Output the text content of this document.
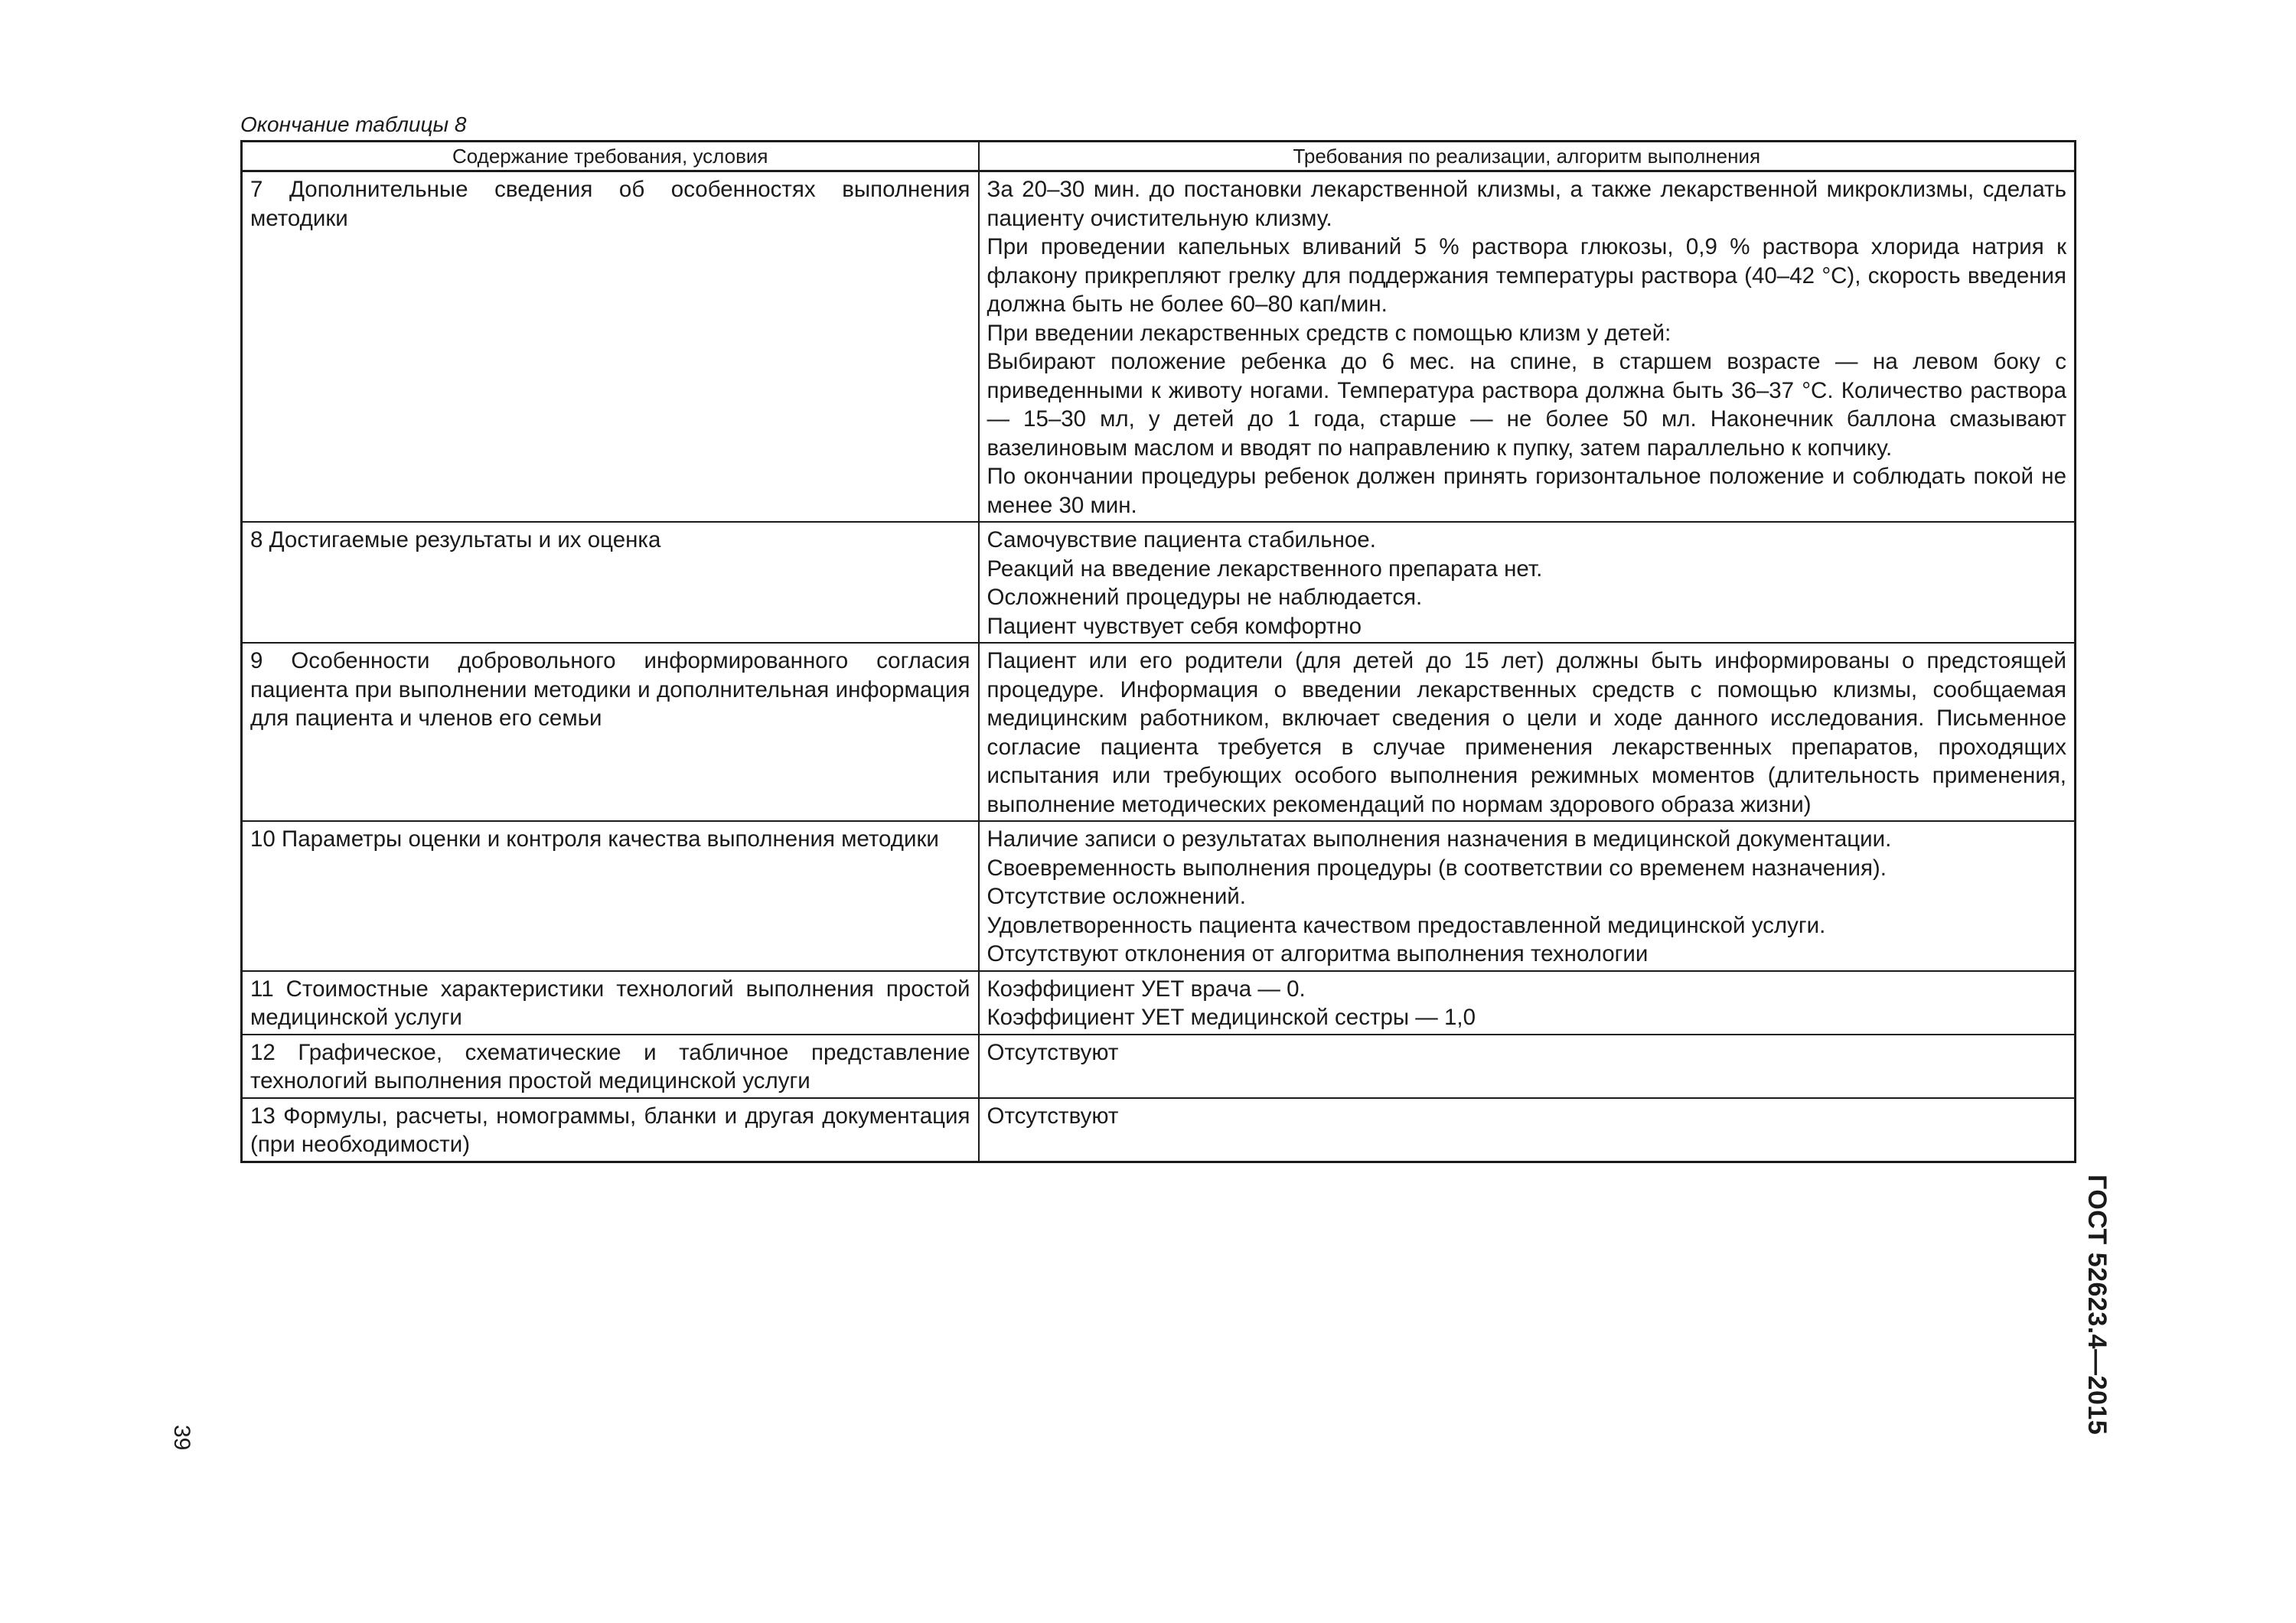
Окончание таблицы 8
Содержание требования, условия	Требования по реализации, алгоритм выполнения
7 Дополнительные сведения об особенностях выполнения методики	За 20–30 мин. до постановки лекарственной клизмы, а также лекарственной микроклизмы, сделать пациенту очистительную клизму.

При проведении капельных вливаний 5 % раствора глюкозы, 0,9 % раствора хлорида натрия к флакону прикрепляют грелку для поддержания температуры раствора (40–42 °С), скорость введения должна быть не более 60–80 кап/мин.

При введении лекарственных средств с помощью клизм у детей:

Выбирают положение ребенка до 6 мес. на спине, в старшем возрасте — на левом боку с приведенными к животу ногами. Температура раствора должна быть 36–37 °С. Количество раствора — 15–30 мл, у детей до 1 года, старше — не более 50 мл. Наконечник баллона смазывают вазелиновым маслом и вводят по направлению к пупку, затем параллельно к копчику.

По окончании процедуры ребенок должен принять горизонтальное положение и соблюдать покой не менее 30 мин.

8 Достигаемые результаты и их оценка	Самочувствие пациента стабильное.

Реакций на введение лекарственного препарата нет.

Осложнений процедуры не наблюдается.

Пациент чувствует себя комфортно

9 Особенности добровольного информированного согласия пациента при выполнении методики и дополнительная информация для пациента и членов его семьи	Пациент или его родители (для детей до 15 лет) должны быть информированы о предстоящей процедуре. Информация о введении лекарственных средств с помощью клизмы, сообщаемая медицинским работником, включает сведения о цели и ходе данного исследования. Письменное согласие пациента требуется в случае применения лекарственных препаратов, проходящих испытания или требующих особого выполнения режимных моментов (длительность применения, выполнение методических рекомендаций по нормам здорового образа жизни)

10 Параметры оценки и контроля качества выполнения методики	Наличие записи о результатах выполнения назначения в медицинской документации.

Своевременность выполнения процедуры (в соответствии со временем назначения).

Отсутствие осложнений.

Удовлетворенность пациента качеством предоставленной медицинской услуги.

Отсутствуют отклонения от алгоритма выполнения технологии

11 Стоимостные характеристики технологий выполнения простой медицинской услуги	Коэффициент УЕТ врача — 0.

Коэффициент УЕТ медицинской сестры — 1,0

12 Графическое, схематические и табличное представление технологий выполнения простой медицинской услуги	Отсутствуют

13 Формулы, расчеты, номограммы, бланки и другая документация (при необходимости)	Отсутствуют

ГОСТ 52623.4—2015
39
